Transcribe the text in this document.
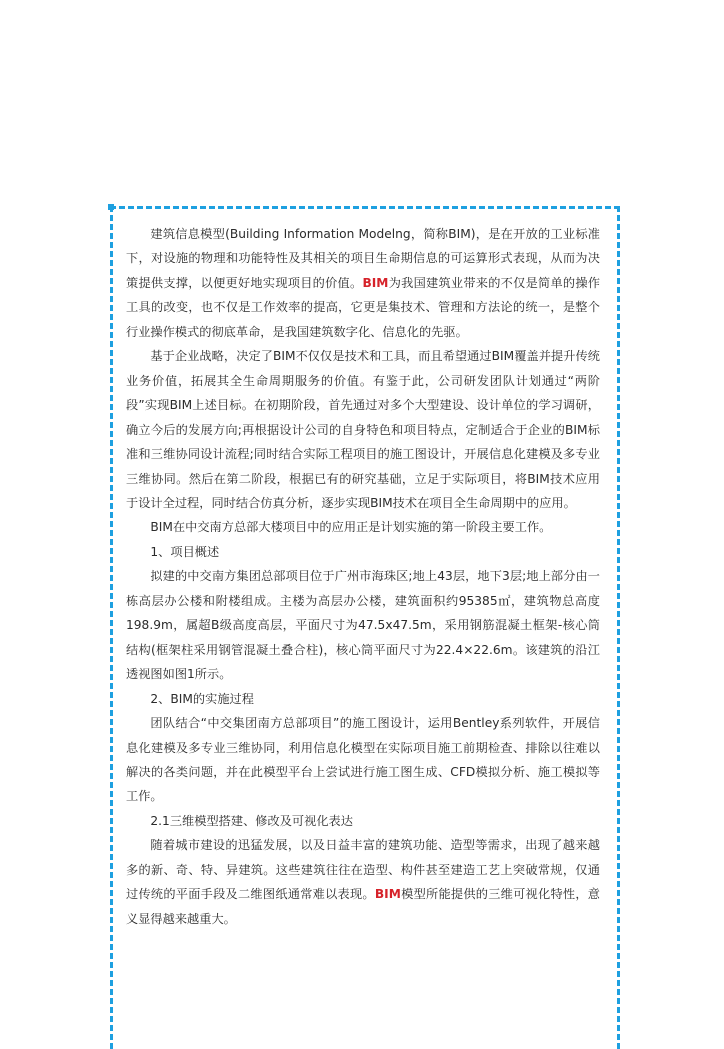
建筑信息模型(Building Information Modelng，简称BIM)，是在开放的工业标准下，对设施的物理和功能特性及其相关的项目生命期信息的可运算形式表现，从而为决策提供支撑，以便更好地实现项目的价值。BIM为我国建筑业带来的不仅是简单的操作工具的改变，也不仅是工作效率的提高，它更是集技术、管理和方法论的统一，是整个行业操作模式的彻底革命，是我国建筑数字化、信息化的先驱。

基于企业战略，决定了BIM不仅仅是技术和工具，而且希望通过BIM覆盖并提升传统业务价值，拓展其全生命周期服务的价值。有鉴于此，公司研发团队计划通过“两阶段”实现BIM上述目标。在初期阶段，首先通过对多个大型建设、设计单位的学习调研，确立今后的发展方向;再根据设计公司的自身特色和项目特点，定制适合于企业的BIM标准和三维协同设计流程;同时结合实际工程项目的施工图设计，开展信息化建模及多专业三维协同。然后在第二阶段，根据已有的研究基础，立足于实际项目，将BIM技术应用于设计全过程，同时结合仿真分析，逐步实现BIM技术在项目全生命周期中的应用。

BIM在中交南方总部大楼项目中的应用正是计划实施的第一阶段主要工作。

1、项目概述

拟建的中交南方集团总部项目位于广州市海珠区;地上43层，地下3层;地上部分由一栋高层办公楼和附楼组成。主楼为高层办公楼，建筑面积约95385㎡，建筑物总高度198.9m，属超B级高度高层，平面尺寸为47.5x47.5m，采用钢筋混凝土框架-核心筒结构(框架柱采用钢管混凝土叠合柱)，核心筒平面尺寸为22.4×22.6m。该建筑的沿江透视图如图1所示。

2、BIM的实施过程

团队结合“中交集团南方总部项目”的施工图设计，运用Bentley系列软件，开展信息化建模及多专业三维协同，利用信息化模型在实际项目施工前期检查、排除以往难以解决的各类问题，并在此模型平台上尝试进行施工图生成、CFD模拟分析、施工模拟等工作。

2.1三维模型搭建、修改及可视化表达

随着城市建设的迅猛发展，以及日益丰富的建筑功能、造型等需求，出现了越来越多的新、奇、特、异建筑。这些建筑往往在造型、构件甚至建造工艺上突破常规，仅通过传统的平面手段及二维图纸通常难以表现。BIM模型所能提供的三维可视化特性，意义显得越来越重大。
